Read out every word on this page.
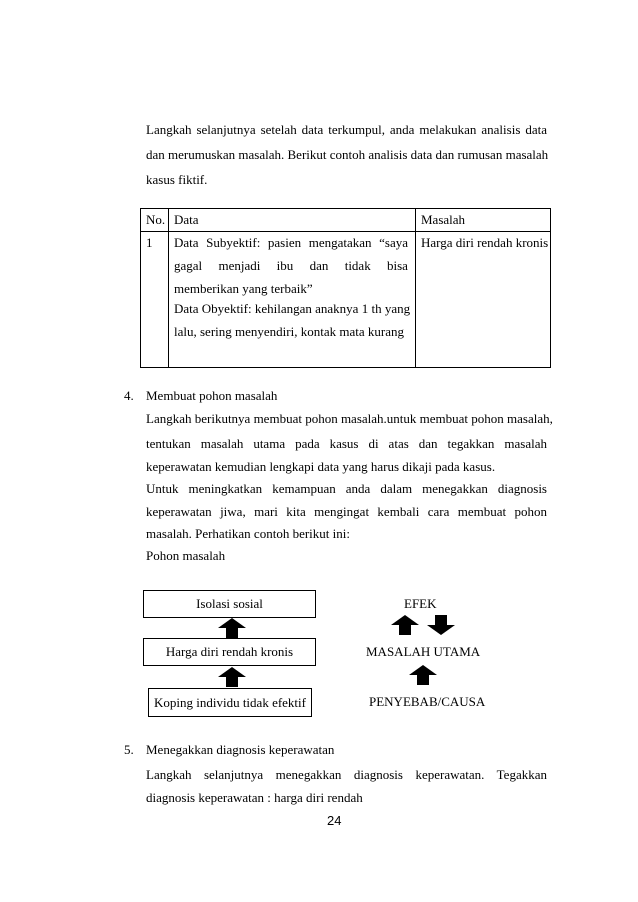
Langkah selanjutnya setelah data terkumpul, anda melakukan analisis data
dan merumuskan masalah. Berikut contoh analisis data dan rumusan masalah
kasus fiktif.
No. Data	Masalah
1 Data Subyektif: pasien mengatakan “saya
gagal menjadi ibu dan tidak bisa
memberikan yang terbaik”
Data Obyektif: kehilangan anaknya 1 th yang
lalu, sering menyendiri, kontak mata kurang
Harga diri rendah kronis
4. Membuat pohon masalah
Langkah berikutnya membuat pohon masalah.untuk membuat pohon masalah,
tentukan masalah utama pada kasus di atas dan tegakkan masalah
keperawatan kemudian lengkapi data yang harus dikaji pada kasus.
Untuk meningkatkan kemampuan anda dalam menegakkan diagnosis
keperawatan jiwa, mari kita mengingat kembali cara membuat pohon
masalah. Perhatikan contoh berikut ini:
Pohon masalah
Isolasi sosial
Harga diri rendah kronis
Koping individu tidak efektif
EFEK
MASALAH UTAMA
PENYEBAB/CAUSA
5. Menegakkan diagnosis keperawatan
Langkah selanjutnya menegakkan diagnosis keperawatan. Tegakkan
diagnosis keperawatan : harga diri rendah
24
